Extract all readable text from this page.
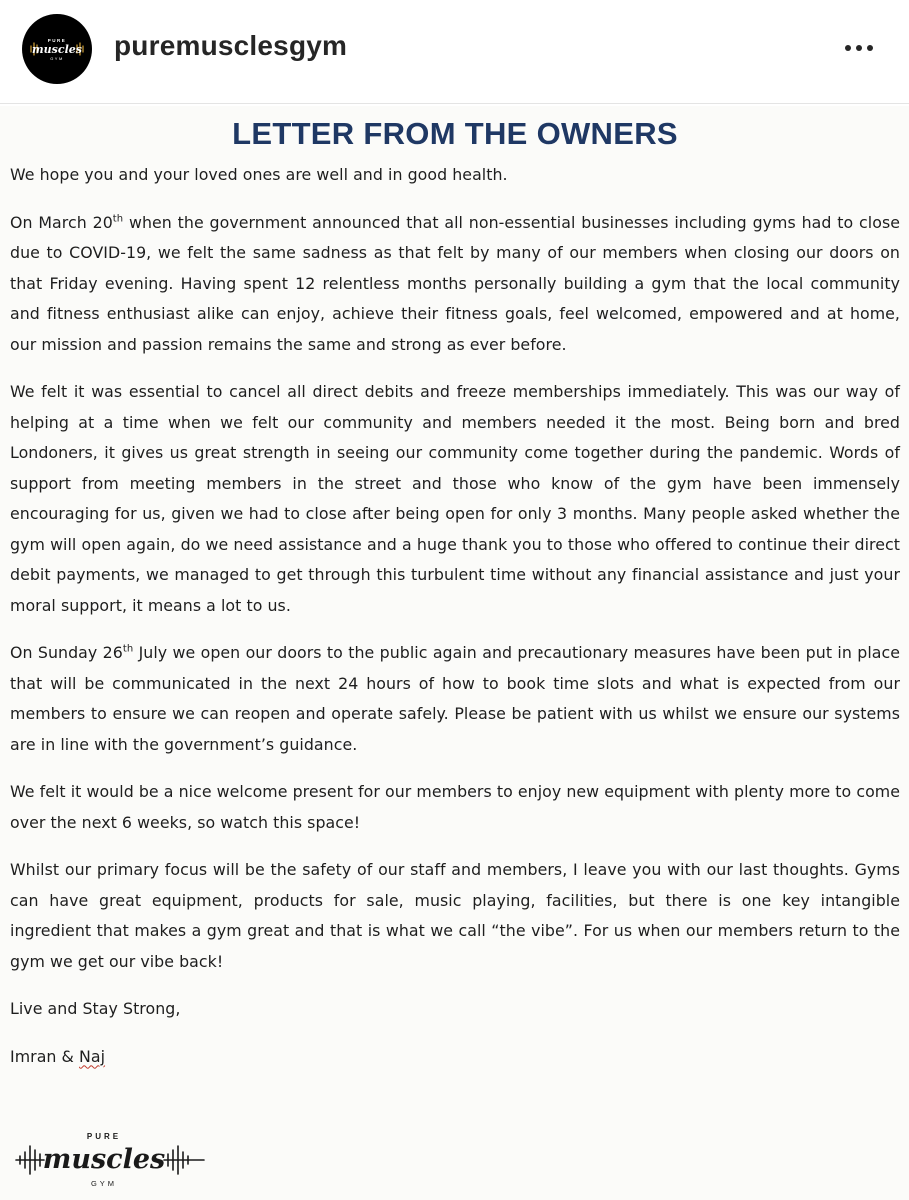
PURE
muscles
GYM puremusclesgym
LETTER FROM THE OWNERS

We hope you and your loved ones are well and in good health.

On March 20th when the government announced that all non-essential businesses including gyms had to close due to COVID-19, we felt the same sadness as that felt by many of our members when closing our doors on that Friday evening. Having spent 12 relentless months personally building a gym that the local community and fitness enthusiast alike can enjoy, achieve their fitness goals, feel welcomed, empowered and at home, our mission and passion remains the same and strong as ever before.

We felt it was essential to cancel all direct debits and freeze memberships immediately. This was our way of helping at a time when we felt our community and members needed it the most. Being born and bred Londoners, it gives us great strength in seeing our community come together during the pandemic. Words of support from meeting members in the street and those who know of the gym have been immensely encouraging for us, given we had to close after being open for only 3 months. Many people asked whether the gym will open again, do we need assistance and a huge thank you to those who offered to continue their direct debit payments, we managed to get through this turbulent time without any financial assistance and just your moral support, it means a lot to us.

On Sunday 26th July we open our doors to the public again and precautionary measures have been put in place that will be communicated in the next 24 hours of how to book time slots and what is expected from our members to ensure we can reopen and operate safely. Please be patient with us whilst we ensure our systems are in line with the government’s guidance.

We felt it would be a nice welcome present for our members to enjoy new equipment with plenty more to come over the next 6 weeks, so watch this space!

Whilst our primary focus will be the safety of our staff and members, I leave you with our last thoughts. Gyms can have great equipment, products for sale, music playing, facilities, but there is one key intangible ingredient that makes a gym great and that is what we call “the vibe”. For us when our members return to the gym we get our vibe back!

Live and Stay Strong,

Imran & Naj

PURE
muscles
GYM
